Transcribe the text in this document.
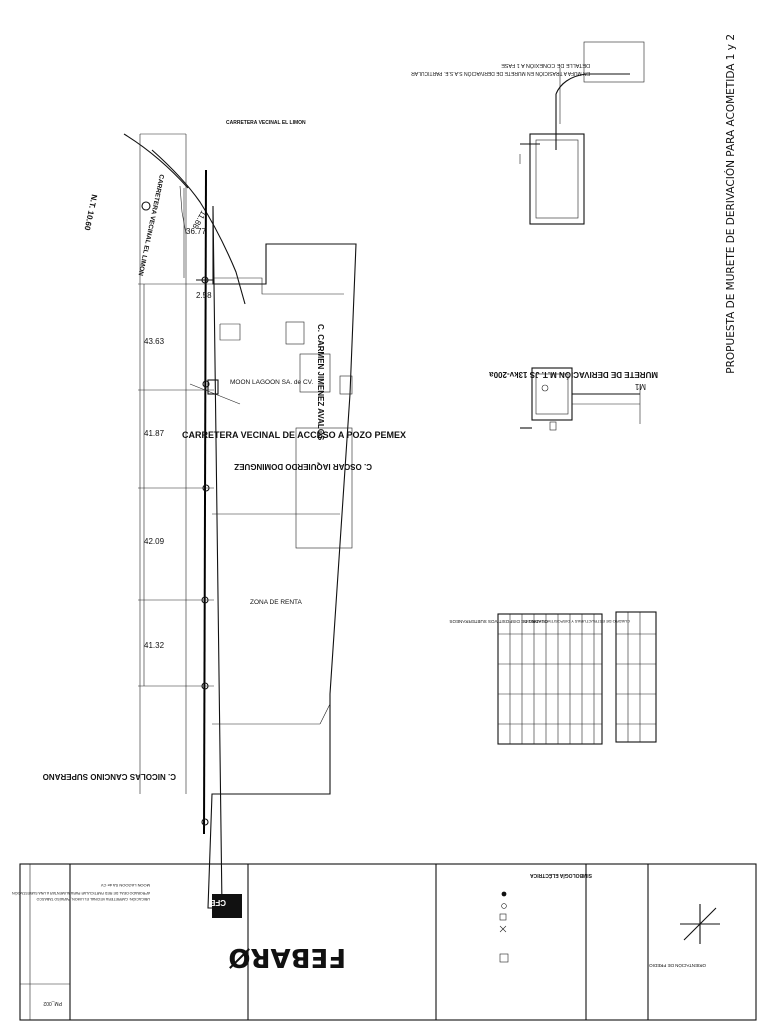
PROPUESTA DE MURETE DE DERIVACIÓN PARA ACOMETIDA 1 y 2
CARRETERA VECINAL EL LIMON
CARRETERA VECINAL EL LIMON
CARRETERA VECINAL DE ACCESO A POZO PEMEX
11.88
36.77
2.58
43.63
41.87
42.09
41.32
N.T. 10.60
C. CARMEN JIMENEZ AVALOS
C. OSCAR IAQUIERDO DOMINGUEZ
C. NICOLAS CANCINO SUPERANO
MOON LAGOON SA. de CV.
ZONA DE RENTA
DETALLE DE CONEXIÓN A 1 FASE
EN MUFA A TRASICIÓN EN MURETE DE DERIVACIÓN S.A.S.E. PARTICULAR
MURETE DE DERIVACIÓN M.T. JS 13kv-200a
M1
CUADRO DE DISPOSITIVOS SUBTERRANEOS
CUADRO DE ESTRUCTURAS Y DISPOSITIVOS AEREOS
ORIENTACIÓN DE PREDIO
SIMBOLOGÍA ELÉCTRICA
FEBARØ
CFE
MOON LAGOON SA de CV
APROBADO DEAL DE RED PARTICULAR PARA ALIMENTAR A UNA SUBESTACIÓN
UBICACIÓN: CARRETERA VECINAL EL LIMON, PARAÍSO TABASCO
PM_002
